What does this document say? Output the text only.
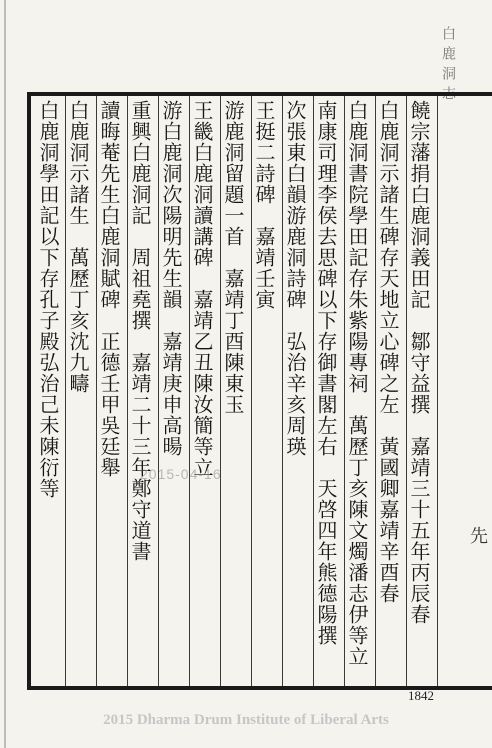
白鹿洞志
饒宗藩捐白鹿洞義田記　鄒守益撰　嘉靖三十五年丙辰春
白鹿洞示諸生碑存天地立心碑之左　黃國卿嘉靖辛酉春
白鹿洞書院學田記存朱紫陽專祠　萬歷丁亥陳文燭潘志伊等立
南康司理李侯去思碑以下存御書閣左右　天啓四年熊德陽撰
次張東白韻游鹿洞詩碑　弘治辛亥周瑛
王挺二詩碑　嘉靖壬寅
游鹿洞留題一首　嘉靖丁酉陳東玉
王畿白鹿洞讀講碑　嘉靖乙丑陳汝簡等立
游白鹿洞次陽明先生韻　嘉靖庚申高暘
重興白鹿洞記　周祖堯撰　嘉靖二十三年鄭守道書
讀晦菴先生白鹿洞賦碑　正德壬甲吳廷舉
白鹿洞示諸生　萬歷丁亥沈九疇
白鹿洞學田記以下存孔子殿弘治己未陳衍等
先
2015-04-16
1842
2015 Dharma Drum Institute of Liberal Arts
